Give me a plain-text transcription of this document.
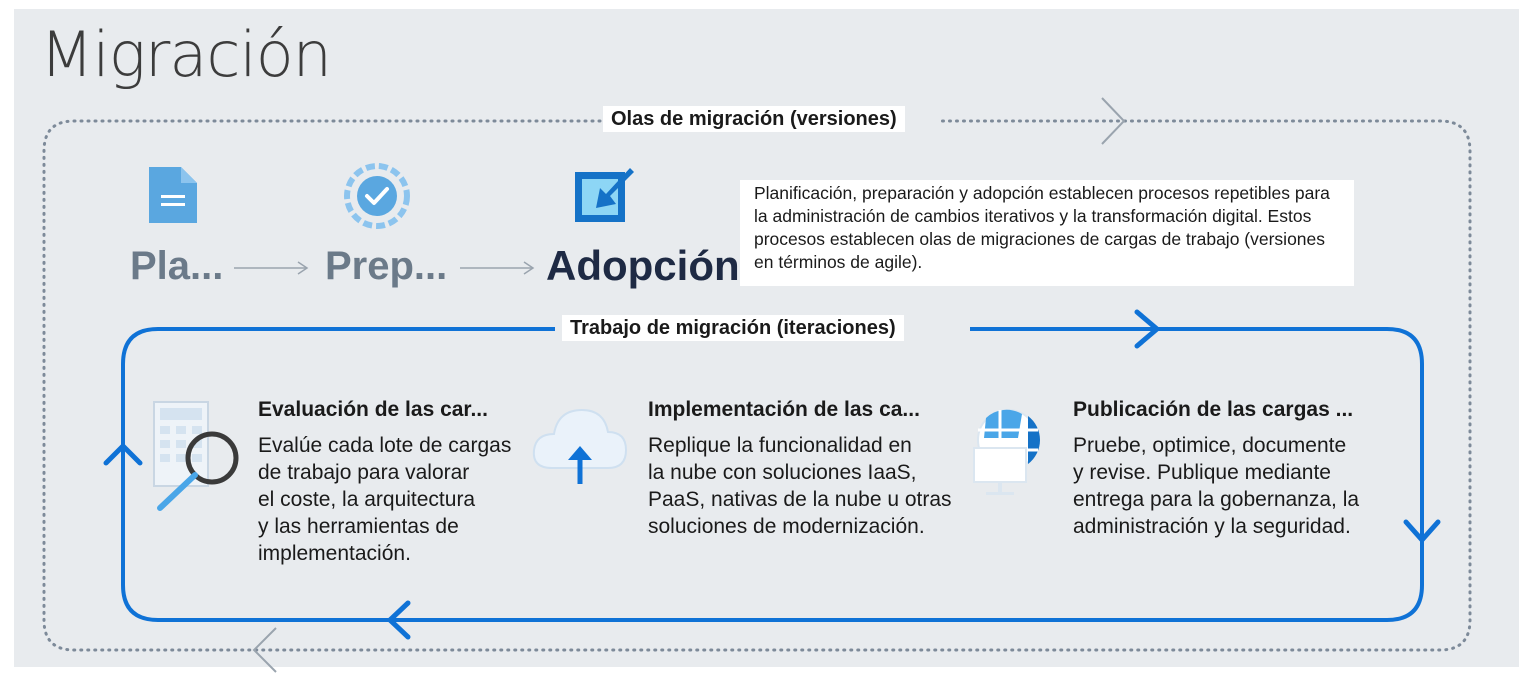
Migración
Olas de migración (versiones)
Trabajo de migración (iteraciones)
Pla...	Prep... Adopción
Planificación, preparación y adopción establecen procesos repetibles para la administración de cambios iterativos y la transformación digital. Estos procesos establecen olas de migraciones de cargas de trabajo (versiones en términos de agile).
Evaluación de las car...
Evalúe cada lote de cargas
de trabajo para valorar
el coste, la arquitectura
y las herramientas de
implementación.
Implementación de las ca...
Replique la funcionalidad en
la nube con soluciones IaaS,
PaaS, nativas de la nube u otras
soluciones de modernización.
Publicación de las cargas ...
Pruebe, optimice, documente
y revise. Publique mediante
entrega para la gobernanza, la
administración y la seguridad.
